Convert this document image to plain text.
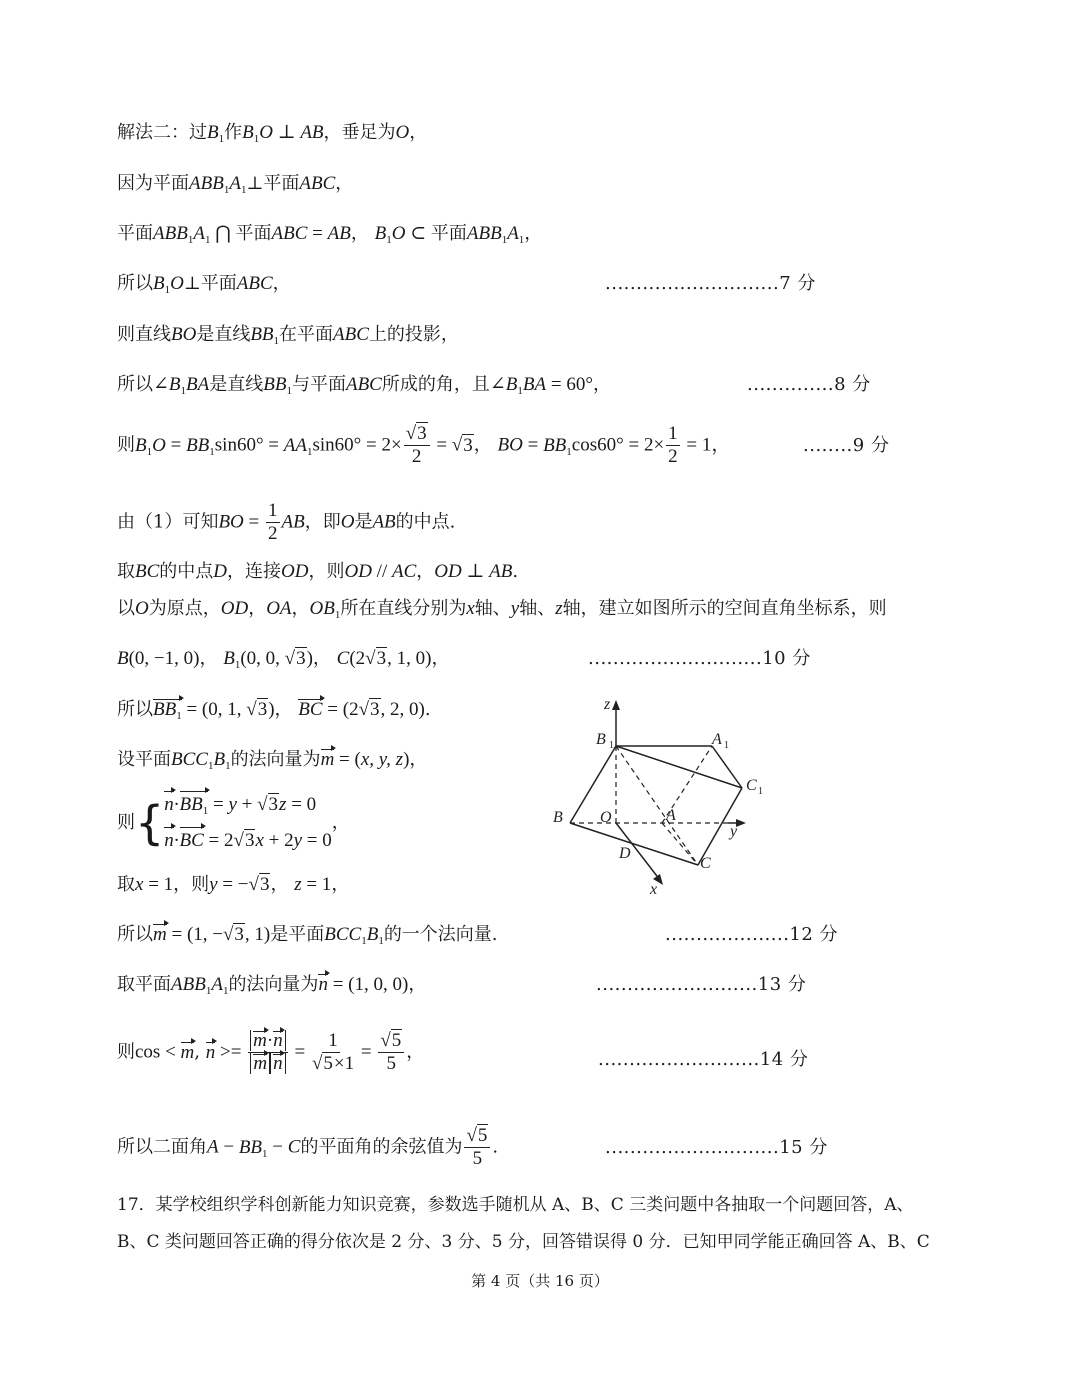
解法二：过$B_1$作$B_1O$ ⊥ AB，垂足为O，
因为平面$ABB_1A_1\perp$平面ABC，
平面$ABB_1A_1$ ⋂ 平面ABC = AB， $B_1O$ ⊂ 平面$ABB_1A_1$，
所以$B_1O\perp$平面ABC，	............................7 分
则直线BO是直线$BB_1$在平面ABC上的投影，
所以$\angle B_1BA$是直线$BB_1$与平面ABC所成的角，且$\angle B_1BA = 60^\circ$，	..............8 分
则$B_1O = BB_1\sin 60^\circ = AA_1\sin 60^\circ = 2\times \frac{√3}{2} = √3$， BO = $BB_1\cos 60^\circ = 2\times \frac{1}{2} = 1$，	........9 分
由（1）可知BO = $\frac{1}{2}$ AB，即O是AB的中点.
取BC的中点D，连接OD，则OD // AC，OD ⊥ AB.
以O为原点，OD，OA，$OB_1$所在直线分别为x轴、y轴、z轴，建立如图所示的空间直角坐标系，则
B(0, −1, 0)， $B_1(0$, 0, √3)， C(2√3, 1, 0)，	............................10 分
所以$BB_1 = (0$, 1, √3)， BC = (2√3, 2, 0).
设平面$BCC_1B_1$的法向量为m = (x, y, z)，
则{ $n\cdot BB_1 = y + √3z = 0$
n·BC = 2√3x + 2y = 0
，
取x = 1，则y = −√3， z = 1，
所以m = (1, −√3, 1)是平面$BCC_1B_1$的一个法向量.	....................12 分
取平面$ABB_1A_1$的法向量为n = (1, 0, 0)，	..........................13 分
则cos < m, $n >= \frac{m\cdot n}{\text{m n}} = \frac{1}{√5\times 1} = \frac{√5}{5}$ ，	..........................14 分
所以二面角$A - BB_1 - C$的平面角的余弦值为 $\frac{√5}{5}$ .	............................15 分
17．某学校组织学科创新能力知识竞赛，参数选手随机从 A、B、C 三类问题中各抽取一个问题回答，A、
B、C 类问题回答正确的得分依次是 2 分、3 分、5 分，回答错误得 0 分．已知甲同学能正确回答 A、B、C
z
y
x
B 1	A 1
C 1
B O	A
D
C
第 4 页（共 16 页）
